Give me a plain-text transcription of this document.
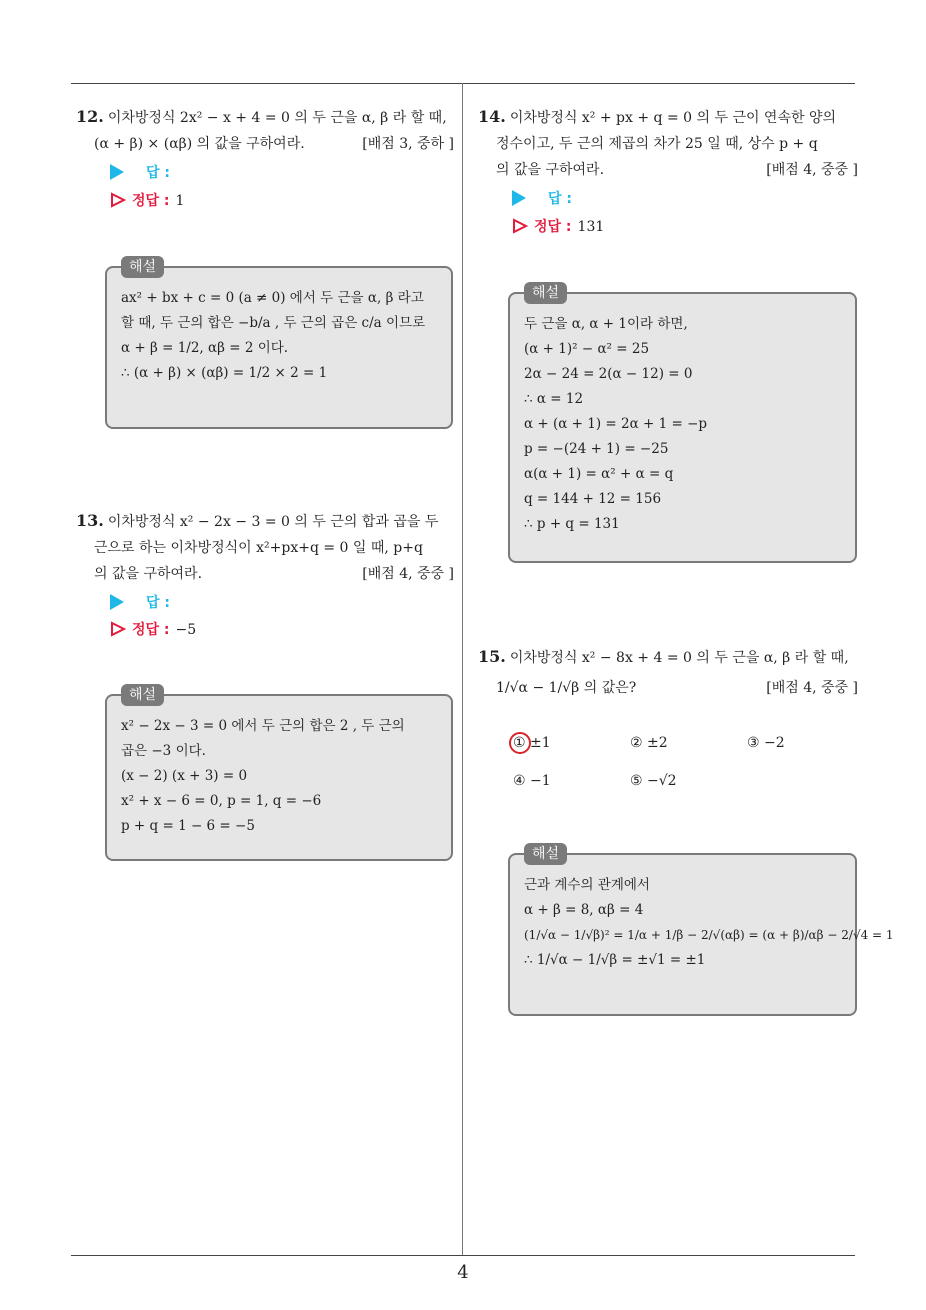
4
12. 이차방정식 2x² − x + 4 = 0 의 두 근을 α, β 라 할 때,
(α + β) × (αβ) 의 값을 구하여라.	[배점 3, 중하 ]
답 :
정답 : 1
해설
ax² + bx + c = 0 (a ≠ 0) 에서 두 근을 α, β 라고
할 때, 두 근의 합은 −b/a , 두 근의 곱은 c/a 이므로
α + β = 1/2, αβ = 2 이다.
∴ (α + β) × (αβ) = 1/2 × 2 = 1
13. 이차방정식 x² − 2x − 3 = 0 의 두 근의 합과 곱을 두
근으로 하는 이차방정식이 x²+px+q = 0 일 때, p+q
의 값을 구하여라.	[배점 4, 중중 ]
답 :
정답 : −5
해설
x² − 2x − 3 = 0 에서 두 근의 합은 2 , 두 근의
곱은 −3 이다.
(x − 2) (x + 3) = 0
x² + x − 6 = 0, p = 1, q = −6
p + q = 1 − 6 = −5
14. 이차방정식 x² + px + q = 0 의 두 근이 연속한 양의
정수이고, 두 근의 제곱의 차가 25 일 때, 상수 p + q
의 값을 구하여라.	[배점 4, 중중 ]
답 :
정답 : 131
해설
두 근을 α, α + 1이라 하면,
(α + 1)² − α² = 25
2α − 24 = 2(α − 12) = 0
∴ α = 12
α + (α + 1) = 2α + 1 = −p
p = −(24 + 1) = −25
α(α + 1) = α² + α = q
q = 144 + 12 = 156
∴ p + q = 131
15. 이차방정식 x² − 8x + 4 = 0 의 두 근을 α, β 라 할 때,
1/√α − 1/√β 의 값은?	[배점 4, 중중 ]
① ±1	② ±2	③ −2
④ −1	⑤ −√2
해설
근과 계수의 관계에서
α + β = 8, αβ = 4
(1/√α − 1/√β)² = 1/α + 1/β − 2/√(αβ) = (α + β)/αβ − 2/√4 = 1
∴ 1/√α − 1/√β = ±√1 = ±1
